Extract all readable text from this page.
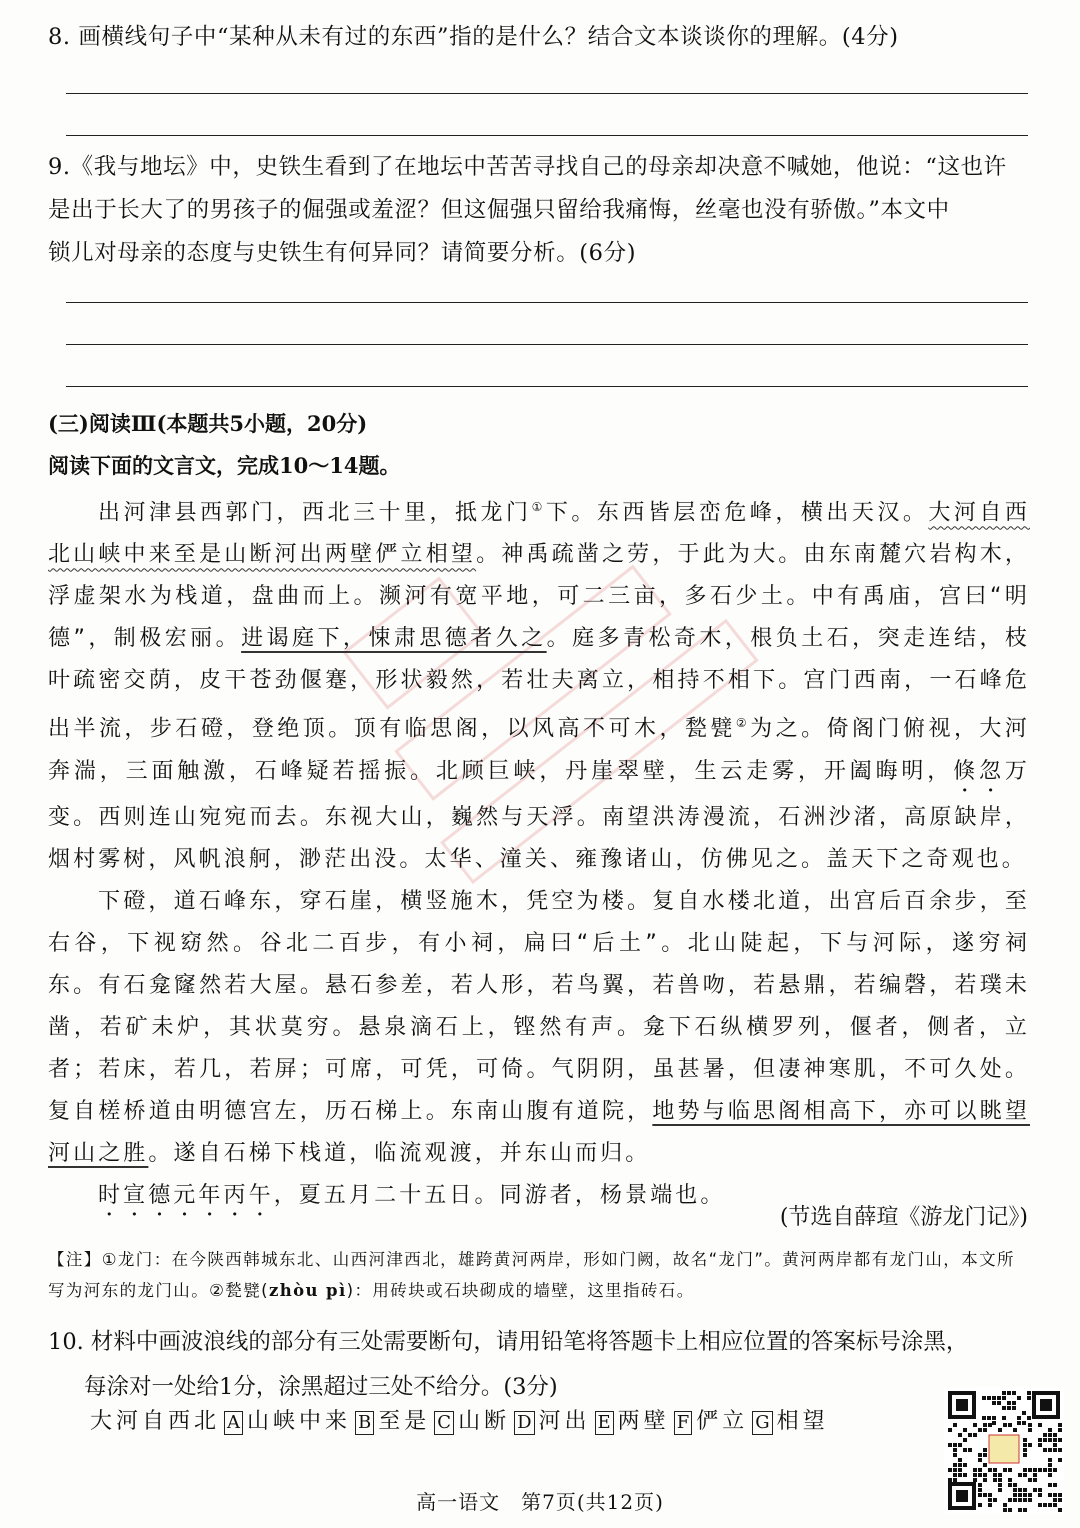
8. 画横线句子中“某种从未有过的东西”指的是什么？结合文本谈谈你的理解。(4分)
9.《我与地坛》中，史铁生看到了在地坛中苦苦寻找自己的母亲却决意不喊她，他说：“这也许
是出于长大了的男孩子的倔强或羞涩？但这倔强只留给我痛悔，丝毫也没有骄傲。”本文中
锁儿对母亲的态度与史铁生有何异同？请简要分析。(6分)
(三)阅读Ⅲ(本题共5小题，20分)
阅读下面的文言文，完成10～14题。

出河津县西郭门，西北三十里，抵龙门①下。东西皆层峦危峰，横出天汉。大河自西北山峡中来至是山断河出两壁俨立相望。神禹疏凿之劳，于此为大。由东南麓穴岩构木，浮虚架水为栈道，盘曲而上。濒河有宽平地，可二三亩，多石少土。中有禹庙，宫曰“明德”，制极宏丽。进谒庭下，悚肃思德者久之。庭多青松奇木，根负土石，突走连结，枝叶疏密交荫，皮干苍劲偃蹇，形状毅然，若壮夫离立，相持不相下。宫门西南，一石峰危出半流，步石磴，登绝顶。顶有临思阁，以风高不可木，甃甓②为之。倚阁门俯视，大河奔湍，三面触激，石峰疑若摇振。北顾巨峡，丹崖翠壁，生云走雾，开阖晦明，倏忽万变。西则连山宛宛而去。东视大山，巍然与天浮。南望洪涛漫流，石洲沙渚，高原缺岸，烟村雾树，风帆浪舸，渺茫出没。太华、潼关、雍豫诸山，仿佛见之。盖天下之奇观也。

下磴，道石峰东，穿石崖，横竖施木，凭空为楼。复自水楼北道，出宫后百余步，至右谷，下视窈然。谷北二百步，有小祠，扁曰“后土”。北山陡起，下与河际，遂穷祠东。有石龛窿然若大屋。悬石参差，若人形，若鸟翼，若兽吻，若悬鼎，若编磬，若璞未凿，若矿未炉，其状莫穷。悬泉滴石上，铿然有声。龛下石纵横罗列，偃者，侧者，立者；若床，若几，若屏；可席，可凭，可倚。气阴阴，虽甚暑，但凄神寒肌，不可久处。复自槎桥道由明德宫左，历石梯上。东南山腹有道院，地势与临思阁相高下，亦可以眺望河山之胜。遂自石梯下栈道，临流观渡，并东山而归。

时宣德元年丙午，夏五月二十五日。同游者，杨景端也。

(节选自薛瑄《游龙门记》)
【注】①龙门：在今陕西韩城东北、山西河津西北，雄跨黄河两岸，形如门阙，故名“龙门”。黄河两岸都有龙门山，本文所写为河东的龙门山。②甃甓(zhòu pì)：用砖块或石块砌成的墙壁，这里指砖石。
10. 材料中画波浪线的部分有三处需要断句，请用铅笔将答题卡上相应位置的答案标号涂黑，
每涂对一处给1分，涂黑超过三处不给分。(3分)
大河自西北 A 山峡中来 B 至是 C 山断 D 河出 E 两壁 F 俨立 G 相望
高一语文　第7页(共12页)
